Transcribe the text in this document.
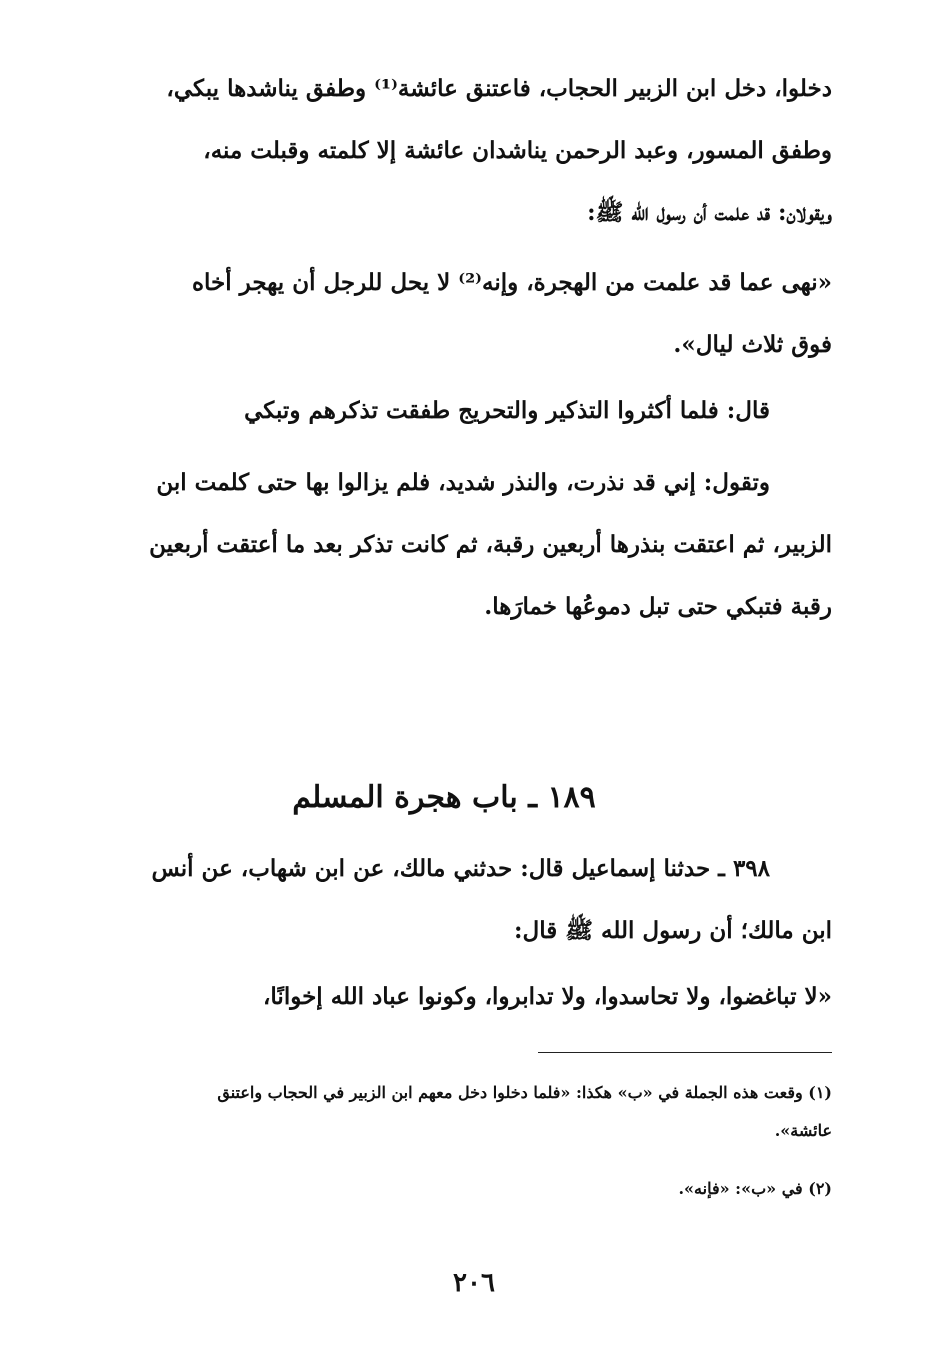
دخلوا، دخل ابن الزبير الحجاب، فاعتنق عائشة⁽¹⁾ وطفق يناشدها يبكي،
وطفق المسور، وعبد الرحمن يناشدان عائشة إلا كلمته وقبلت منه،
ويقولان: قد علمت أن رسول الله ﷺ:
«نهى عما قد علمت من الهجرة، وإنه⁽²⁾ لا يحل للرجل أن يهجر أخاه
فوق ثلاث ليال».
قال: فلما أكثروا التذكير والتحريج طفقت تذكرهم وتبكي
وتقول: إني قد نذرت، والنذر شديد، فلم يزالوا بها حتى كلمت ابن
الزبير، ثم اعتقت بنذرها أربعين رقبة، ثم كانت تذكر بعد ما أعتقت أربعين
رقبة فتبكي حتى تبل دموعُها خمارَها.
١٨٩ ـ باب هجرة المسلم
٣٩٨ ـ حدثنا إسماعيل قال: حدثني مالك، عن ابن شهاب، عن أنس
ابن مالك؛ أن رسول الله ﷺ قال:
«لا تباغضوا، ولا تحاسدوا، ولا تدابروا، وكونوا عباد الله إخوانًا،
(١) وقعت هذه الجملة في «ب» هكذا: «فلما دخلوا دخل معهم ابن الزبير في الحجاب واعتنق
عائشة».
(٢) في «ب»: «فإنه».
٢٠٦
